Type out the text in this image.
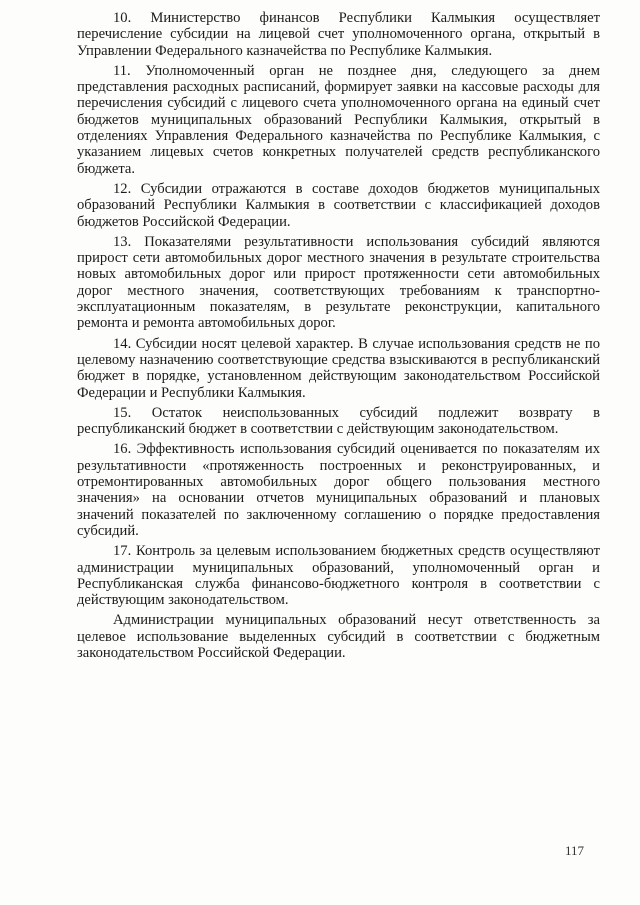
10. Министерство финансов Республики Калмыкия осуществляет перечисление субсидии на лицевой счет уполномоченного органа, открытый в Управлении Федерального казначейства по Республике Калмыкия.

11. Уполномоченный орган не позднее дня, следующего за днем представления расходных расписаний, формирует заявки на кассовые расходы для перечисления субсидий с лицевого счета уполномоченного органа на единый счет бюджетов муниципальных образований Республики Калмыкия, открытый в отделениях Управления Федерального казначейства по Республике Калмыкия, с указанием лицевых счетов конкретных получателей средств республиканского бюджета.

12. Субсидии отражаются в составе доходов бюджетов муниципальных образований Республики Калмыкия в соответствии с классификацией доходов бюджетов Российской Федерации.

13. Показателями результативности использования субсидий являются прирост сети автомобильных дорог местного значения в результате строительства новых автомобильных дорог или прирост протяженности сети автомобильных дорог местного значения, соответствующих требованиям к транспортно-эксплуатационным показателям, в результате реконструкции, капитального ремонта и ремонта автомобильных дорог.

14. Субсидии носят целевой характер. В случае использования средств не по целевому назначению соответствующие средства взыскиваются в республиканский бюджет в порядке, установленном действующим законодательством Российской Федерации и Республики Калмыкия.

15. Остаток неиспользованных субсидий подлежит возврату в республиканский бюджет в соответствии с действующим законодательством.

16. Эффективность использования субсидий оценивается по показателям их результативности «протяженность построенных и реконструированных, и отремонтированных автомобильных дорог общего пользования местного значения» на основании отчетов муниципальных образований и плановых значений показателей по заключенному соглашению о порядке предоставления субсидий.

17. Контроль за целевым использованием бюджетных средств осуществляют администрации муниципальных образований, уполномоченный орган и Республиканская служба финансово-бюджетного контроля в соответствии с действующим законодательством.

Администрации муниципальных образований несут ответственность за целевое использование выделенных субсидий в соответствии с бюджетным законодательством Российской Федерации.

117
